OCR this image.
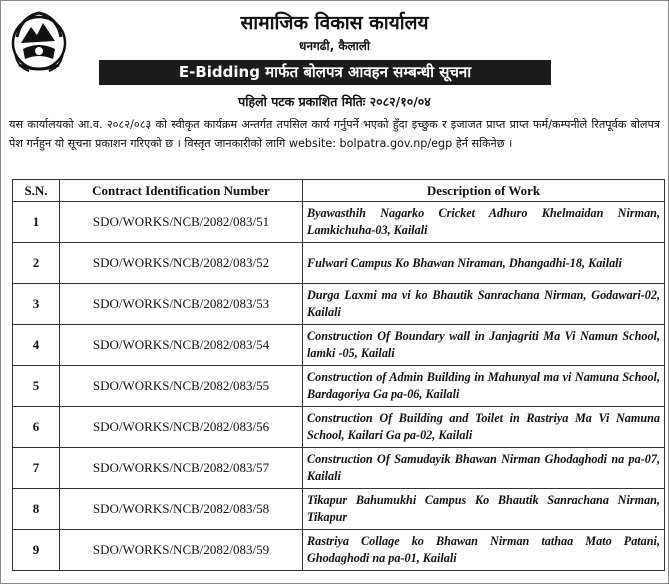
सामाजिक विकास कार्यालय
धनगढी, कैलाली
E-Bidding मार्फत बोलपत्र आवहन सम्बन्धी सूचना
पहिलो पटक प्रकाशित मितिः २०८२/१०/०४
यस कार्यालयको आ.व. २०८२/०८३ को स्वीकृत कार्यक्रम अन्तर्गत तपसिल कार्य गर्नुपर्ने भएको हुँदा इच्छुक र इजाजत प्राप्त प्राप्त फर्म/कम्पनीले रितपूर्वक बोलपत्र पेश गर्नहुन यो सूचना प्रकाशन गरिएको छ । विस्तृत जानकारीको लागि website: bolpatra.gov.np/egp हेर्न सकिनेछ ।
S.N.	Contract Identification Number	Description of Work
1	SDO/WORKS/NCB/2082/083/51	Byawasthih Nagarko Cricket Adhuro Khelmaidan Nirman, Lamkichuha-03, Kailali

2	SDO/WORKS/NCB/2082/083/52	Fulwari Campus Ko Bhawan Niraman, Dhangadhi-18, Kailali

3	SDO/WORKS/NCB/2082/083/53	Durga Laxmi ma vi ko Bhautik Sanrachana Nirman, Godawari-02, Kailali

4	SDO/WORKS/NCB/2082/083/54	Construction Of Boundary wall in Janjagriti Ma Vi Namun School, lamki -05, Kailali

5	SDO/WORKS/NCB/2082/083/55	Construction of Admin Building in Mahunyal ma vi Namuna School, Bardagoriya Ga pa-06, Kailali

6	SDO/WORKS/NCB/2082/083/56	Construction Of Building and Toilet in Rastriya Ma Vi Namuna School, Kailari Ga pa-02, Kailali

7	SDO/WORKS/NCB/2082/083/57	Construction Of Samudayik Bhawan Nirman Ghodaghodi na pa-07, Kailali

8	SDO/WORKS/NCB/2082/083/58	Tikapur Bahumukhi Campus Ko Bhautik Sanrachana Nirman, Tikapur

9	SDO/WORKS/NCB/2082/083/59	Rastriya Collage ko Bhawan Nirman tathaa Mato Patani, Ghodaghodi na pa-01, Kailali
